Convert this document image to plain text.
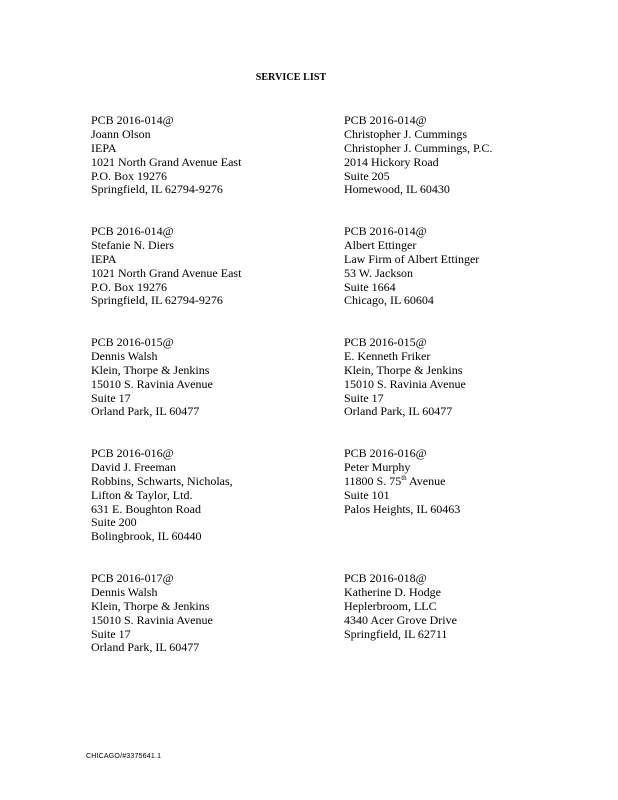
SERVICE LIST
PCB 2016-014@
Joann Olson
IEPA
1021 North Grand Avenue East
P.O. Box 19276
Springfield, IL 62794-9276
PCB 2016-014@
Christopher J. Cummings
Christopher J. Cummings, P.C.
2014 Hickory Road
Suite 205
Homewood, IL 60430
PCB 2016-014@
Stefanie N. Diers
IEPA
1021 North Grand Avenue East
P.O. Box 19276
Springfield, IL 62794-9276
PCB 2016-014@
Albert Ettinger
Law Firm of Albert Ettinger
53 W. Jackson
Suite 1664
Chicago, IL 60604
PCB 2016-015@
Dennis Walsh
Klein, Thorpe & Jenkins
15010 S. Ravinia Avenue
Suite 17
Orland Park, IL 60477
PCB 2016-015@
E. Kenneth Friker
Klein, Thorpe & Jenkins
15010 S. Ravinia Avenue
Suite 17
Orland Park, IL 60477
PCB 2016-016@
David J. Freeman
Robbins, Schwarts, Nicholas,
Lifton & Taylor, Ltd.
631 E. Boughton Road
Suite 200
Bolingbrook, IL 60440
PCB 2016-016@
Peter Murphy
11800 S. 75th Avenue
Suite 101
Palos Heights, IL 60463
PCB 2016-017@
Dennis Walsh
Klein, Thorpe & Jenkins
15010 S. Ravinia Avenue
Suite 17
Orland Park, IL 60477
PCB 2016-018@
Katherine D. Hodge
Heplerbroom, LLC
4340 Acer Grove Drive
Springfield, IL 62711
CHICAGO/#3375641.1
